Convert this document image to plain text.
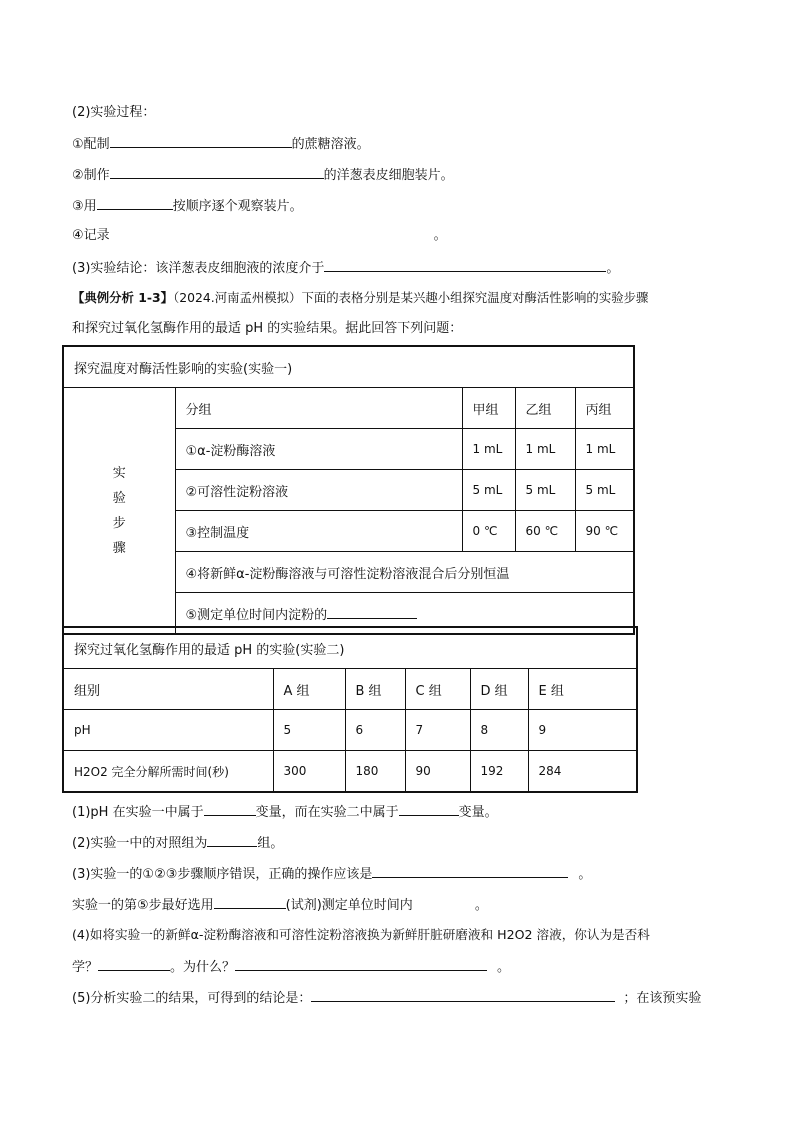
(2)实验过程：
①配制	的蔗糖溶液。
②制作	的洋葱表皮细胞装片。
③用	按顺序逐个观察装片。
④记录	。
(3)实验结论：该洋葱表皮细胞液的浓度介于	。
【典例分析 1-3】（2024.河南孟州模拟）下面的表格分别是某兴趣小组探究温度对酶活性影响的实验步骤
和探究过氧化氢酶作用的最适 pH 的实验结果。据此回答下列问题：
探究温度对酶活性影响的实验(实验一)				
实
验
步
骤	分组	甲组	乙组	丙组
	①α-淀粉酶溶液	1 mL	1 mL	1 mL
	②可溶性淀粉溶液	5 mL	5 mL	5 mL
	③控制温度	0 ℃	60 ℃	90 ℃
	④将新鲜α-淀粉酶溶液与可溶性淀粉溶液混合后分别恒温			
	⑤测定单位时间内淀粉的			
探究过氧化氢酶作用的最适 pH 的实验(实验二)					
组别	A 组	B 组	C 组	D 组	E 组
pH	5	6	7	8	9
H2O2 完全分解所需时间(秒)	300	180	90	192	284
(1)pH 在实验一中属于	变量，而在实验二中属于	变量。
(2)实验一中的对照组为	组。
(3)实验一的①②③步骤顺序错误，正确的操作应该是	。
实验一的第⑤步最好选用	(试剂)测定单位时间内	。
(4)如将实验一的新鲜α-淀粉酶溶液和可溶性淀粉溶液换为新鲜肝脏研磨液和 H2O2 溶液，你认为是否科
学？	。为什么？	。
(5)分析实验二的结果，可得到的结论是：	；在该预实验
